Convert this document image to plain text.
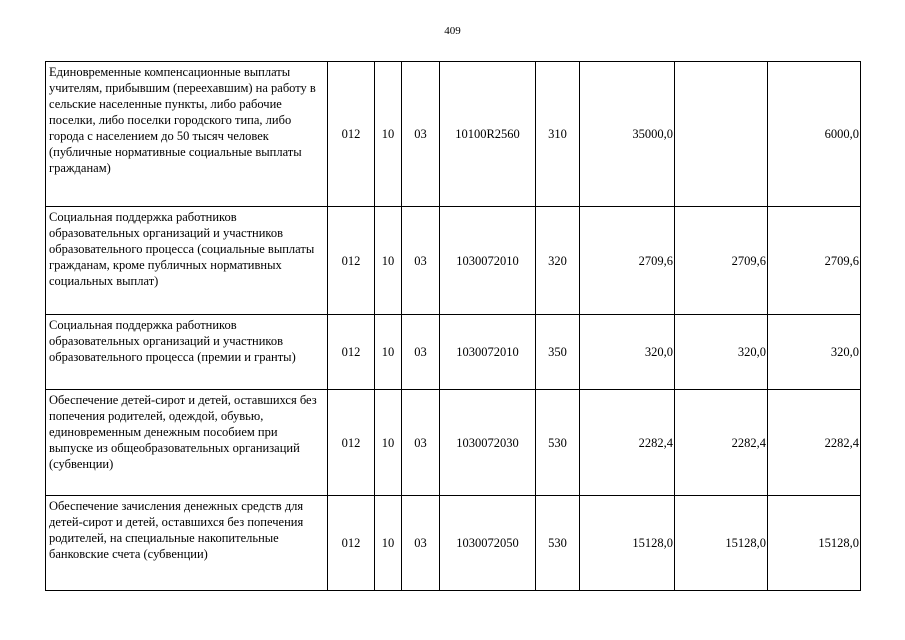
409
Единовременные компенсационные выплаты учителям, прибывшим (переехавшим) на работу в сельские населенные пункты, либо рабочие поселки, либо поселки городского типа, либо города с населением до 50 тысяч человек (публичные нормативные социальные выплаты гражданам)	012	10	03	10100R2560	310	35000,0		6000,0
Социальная поддержка работников образовательных организаций и участников образовательного процесса (социальные выплаты гражданам, кроме публичных нормативных социальных выплат)	012	10	03	1030072010	320	2709,6	2709,6	2709,6
Социальная поддержка работников образовательных организаций и участников образовательного процесса (премии и гранты)	012	10	03	1030072010	350	320,0	320,0	320,0
Обеспечение детей-сирот и детей, оставшихся без попечения родителей, одеждой, обувью, единовременным денежным пособием при выпуске из общеобразовательных организаций (субвенции)	012	10	03	1030072030	530	2282,4	2282,4	2282,4
Обеспечение зачисления денежных средств для детей-сирот и детей, оставшихся без попечения родителей, на специальные накопительные банковские счета (субвенции)	012	10	03	1030072050	530	15128,0	15128,0	15128,0
